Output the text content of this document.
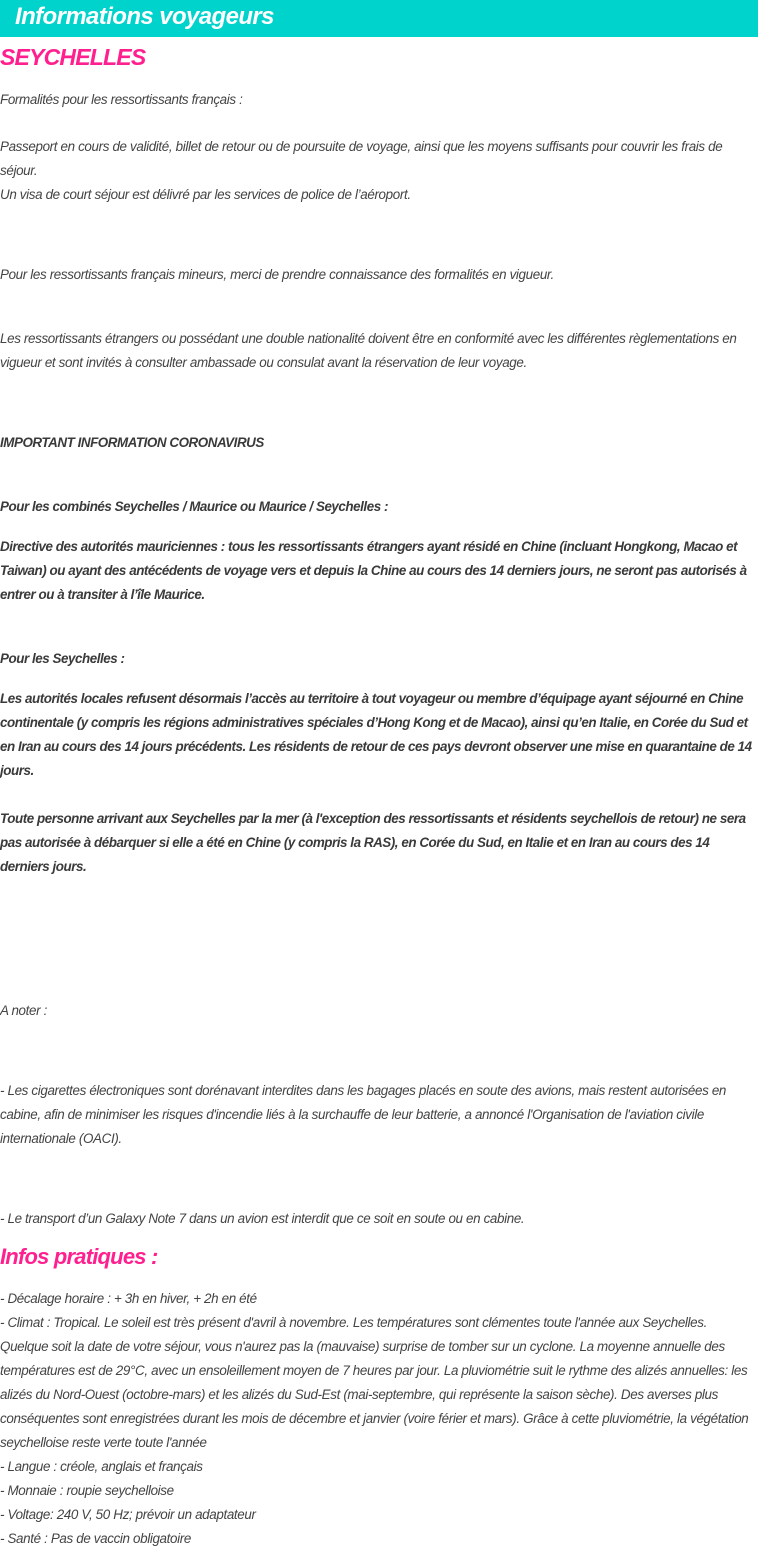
Informations voyageurs
SEYCHELLES

Formalités pour les ressortissants français :

Passeport en cours de validité, billet de retour ou de poursuite de voyage, ainsi que les moyens suffisants pour couvrir les frais de séjour.

Un visa de court séjour est délivré par les services de police de l’aéroport.

Pour les ressortissants français mineurs, merci de prendre connaissance des formalités en vigueur.

Les ressortissants étrangers ou possédant une double nationalité doivent être en conformité avec les différentes règlementations en vigueur et sont invités à consulter ambassade ou consulat avant la réservation de leur voyage.

IMPORTANT INFORMATION CORONAVIRUS

Pour les combinés Seychelles / Maurice ou Maurice / Seychelles :

Directive des autorités mauriciennes : tous les ressortissants étrangers ayant résidé en Chine (incluant Hongkong, Macao et Taiwan) ou ayant des antécédents de voyage vers et depuis la Chine au cours des 14 derniers jours, ne seront pas autorisés à entrer ou à transiter à l’île Maurice.

Pour les Seychelles :

Les autorités locales refusent désormais l’accès au territoire à tout voyageur ou membre d’équipage ayant séjourné en Chine continentale (y compris les régions administratives spéciales d’Hong Kong et de Macao), ainsi qu’en Italie, en Corée du Sud et en Iran au cours des 14 jours précédents. Les résidents de retour de ces pays devront observer une mise en quarantaine de 14 jours.

Toute personne arrivant aux Seychelles par la mer (à l'exception des ressortissants et résidents seychellois de retour) ne sera pas autorisée à débarquer si elle a été en Chine (y compris la RAS), en Corée du Sud, en Italie et en Iran au cours des 14 derniers jours.

A noter :

- Les cigarettes électroniques sont dorénavant interdites dans les bagages placés en soute des avions, mais restent autorisées en cabine, afin de minimiser les risques d'incendie liés à la surchauffe de leur batterie, a annoncé l'Organisation de l'aviation civile internationale (OACI).

- Le transport d’un Galaxy Note 7 dans un avion est interdit que ce soit en soute ou en cabine.

Infos pratiques :

- Décalage horaire : + 3h en hiver, + 2h en été

- Climat : Tropical. Le soleil est très présent d'avril à novembre. Les températures sont clémentes toute l'année aux Seychelles. Quelque soit la date de votre séjour, vous n'aurez pas la (mauvaise) surprise de tomber sur un cyclone. La moyenne annuelle des températures est de 29°C, avec un ensoleillement moyen de 7 heures par jour. La pluviométrie suit le rythme des alizés annuelles: les alizés du Nord-Ouest (octobre-mars) et les alizés du Sud-Est (mai-septembre, qui représente la saison sèche). Des averses plus conséquentes sont enregistrées durant les mois de décembre et janvier (voire férier et mars). Grâce à cette pluviométrie, la végétation seychelloise reste verte toute l'année

- Langue : créole, anglais et français

- Monnaie : roupie seychelloise

- Voltage: 240 V, 50 Hz; prévoir un adaptateur

- Santé : Pas de vaccin obligatoire
